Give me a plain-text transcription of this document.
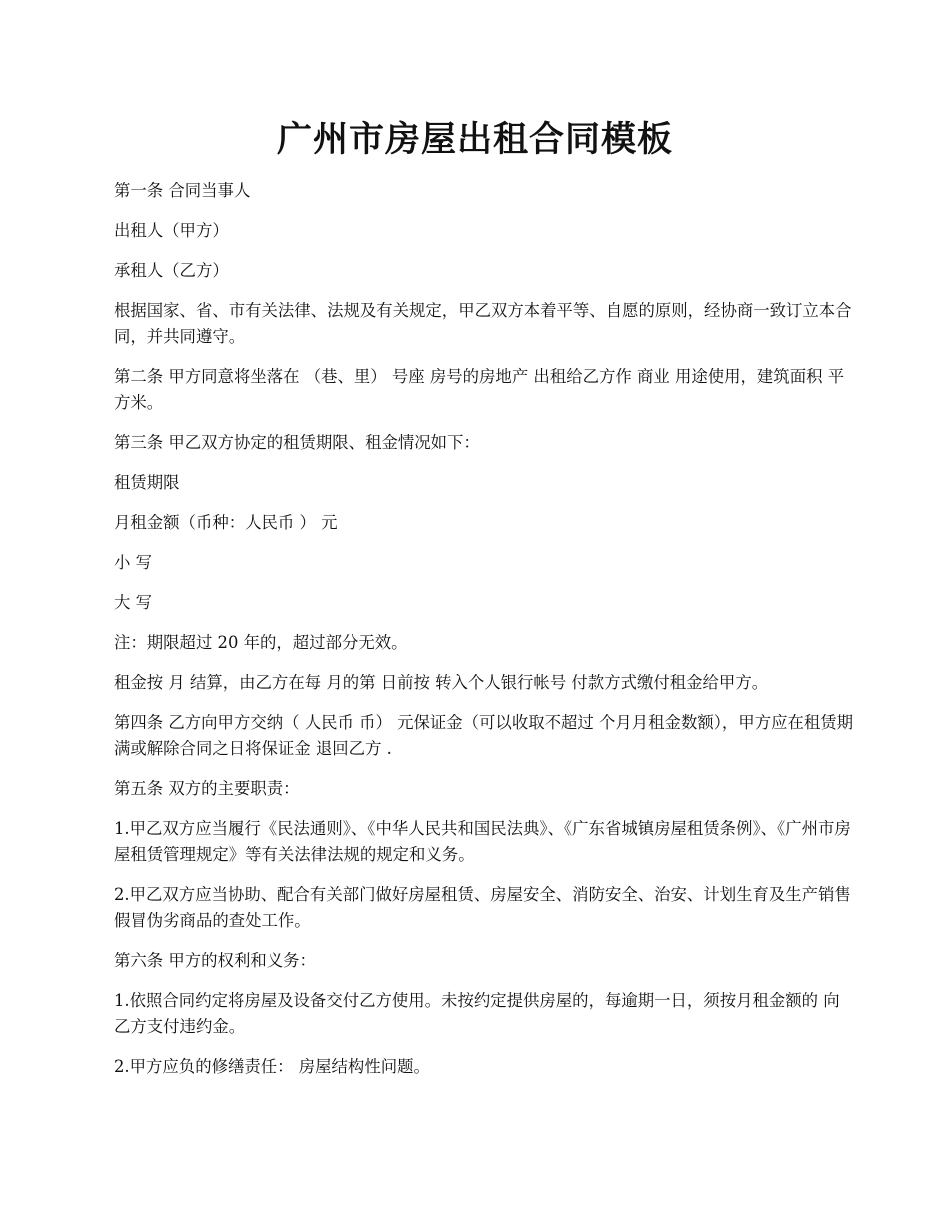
广州市房屋出租合同模板

第一条 合同当事人

出租人（甲方）

承租人（乙方）

根据国家、省、市有关法律、法规及有关规定，甲乙双方本着平等、自愿的原则，经协商一致订立本合同，并共同遵守。

第二条 甲方同意将坐落在 （巷、里） 号座 房号的房地产 出租给乙方作 商业 用途使用，建筑面积 平方米。

第三条 甲乙双方协定的租赁期限、租金情况如下：

租赁期限

月租金额（币种：人民币 ） 元

小 写

大 写

注：期限超过 20 年的，超过部分无效。

租金按 月 结算，由乙方在每 月的第 日前按 转入个人银行帐号 付款方式缴付租金给甲方。

第四条 乙方向甲方交纳（ 人民币 币） 元保证金（可以收取不超过 个月月租金数额），甲方应在租赁期满或解除合同之日将保证金 退回乙方 .

第五条 双方的主要职责：

1.甲乙双方应当履行《民法通则》、《中华人民共和国民法典》、《广东省城镇房屋租赁条例》、《广州市房屋租赁管理规定》等有关法律法规的规定和义务。

2.甲乙双方应当协助、配合有关部门做好房屋租赁、房屋安全、消防安全、治安、计划生育及生产销售假冒伪劣商品的查处工作。

第六条 甲方的权利和义务：

1.依照合同约定将房屋及设备交付乙方使用。未按约定提供房屋的，每逾期一日，须按月租金额的 向乙方支付违约金。

2.甲方应负的修缮责任： 房屋结构性问题。
